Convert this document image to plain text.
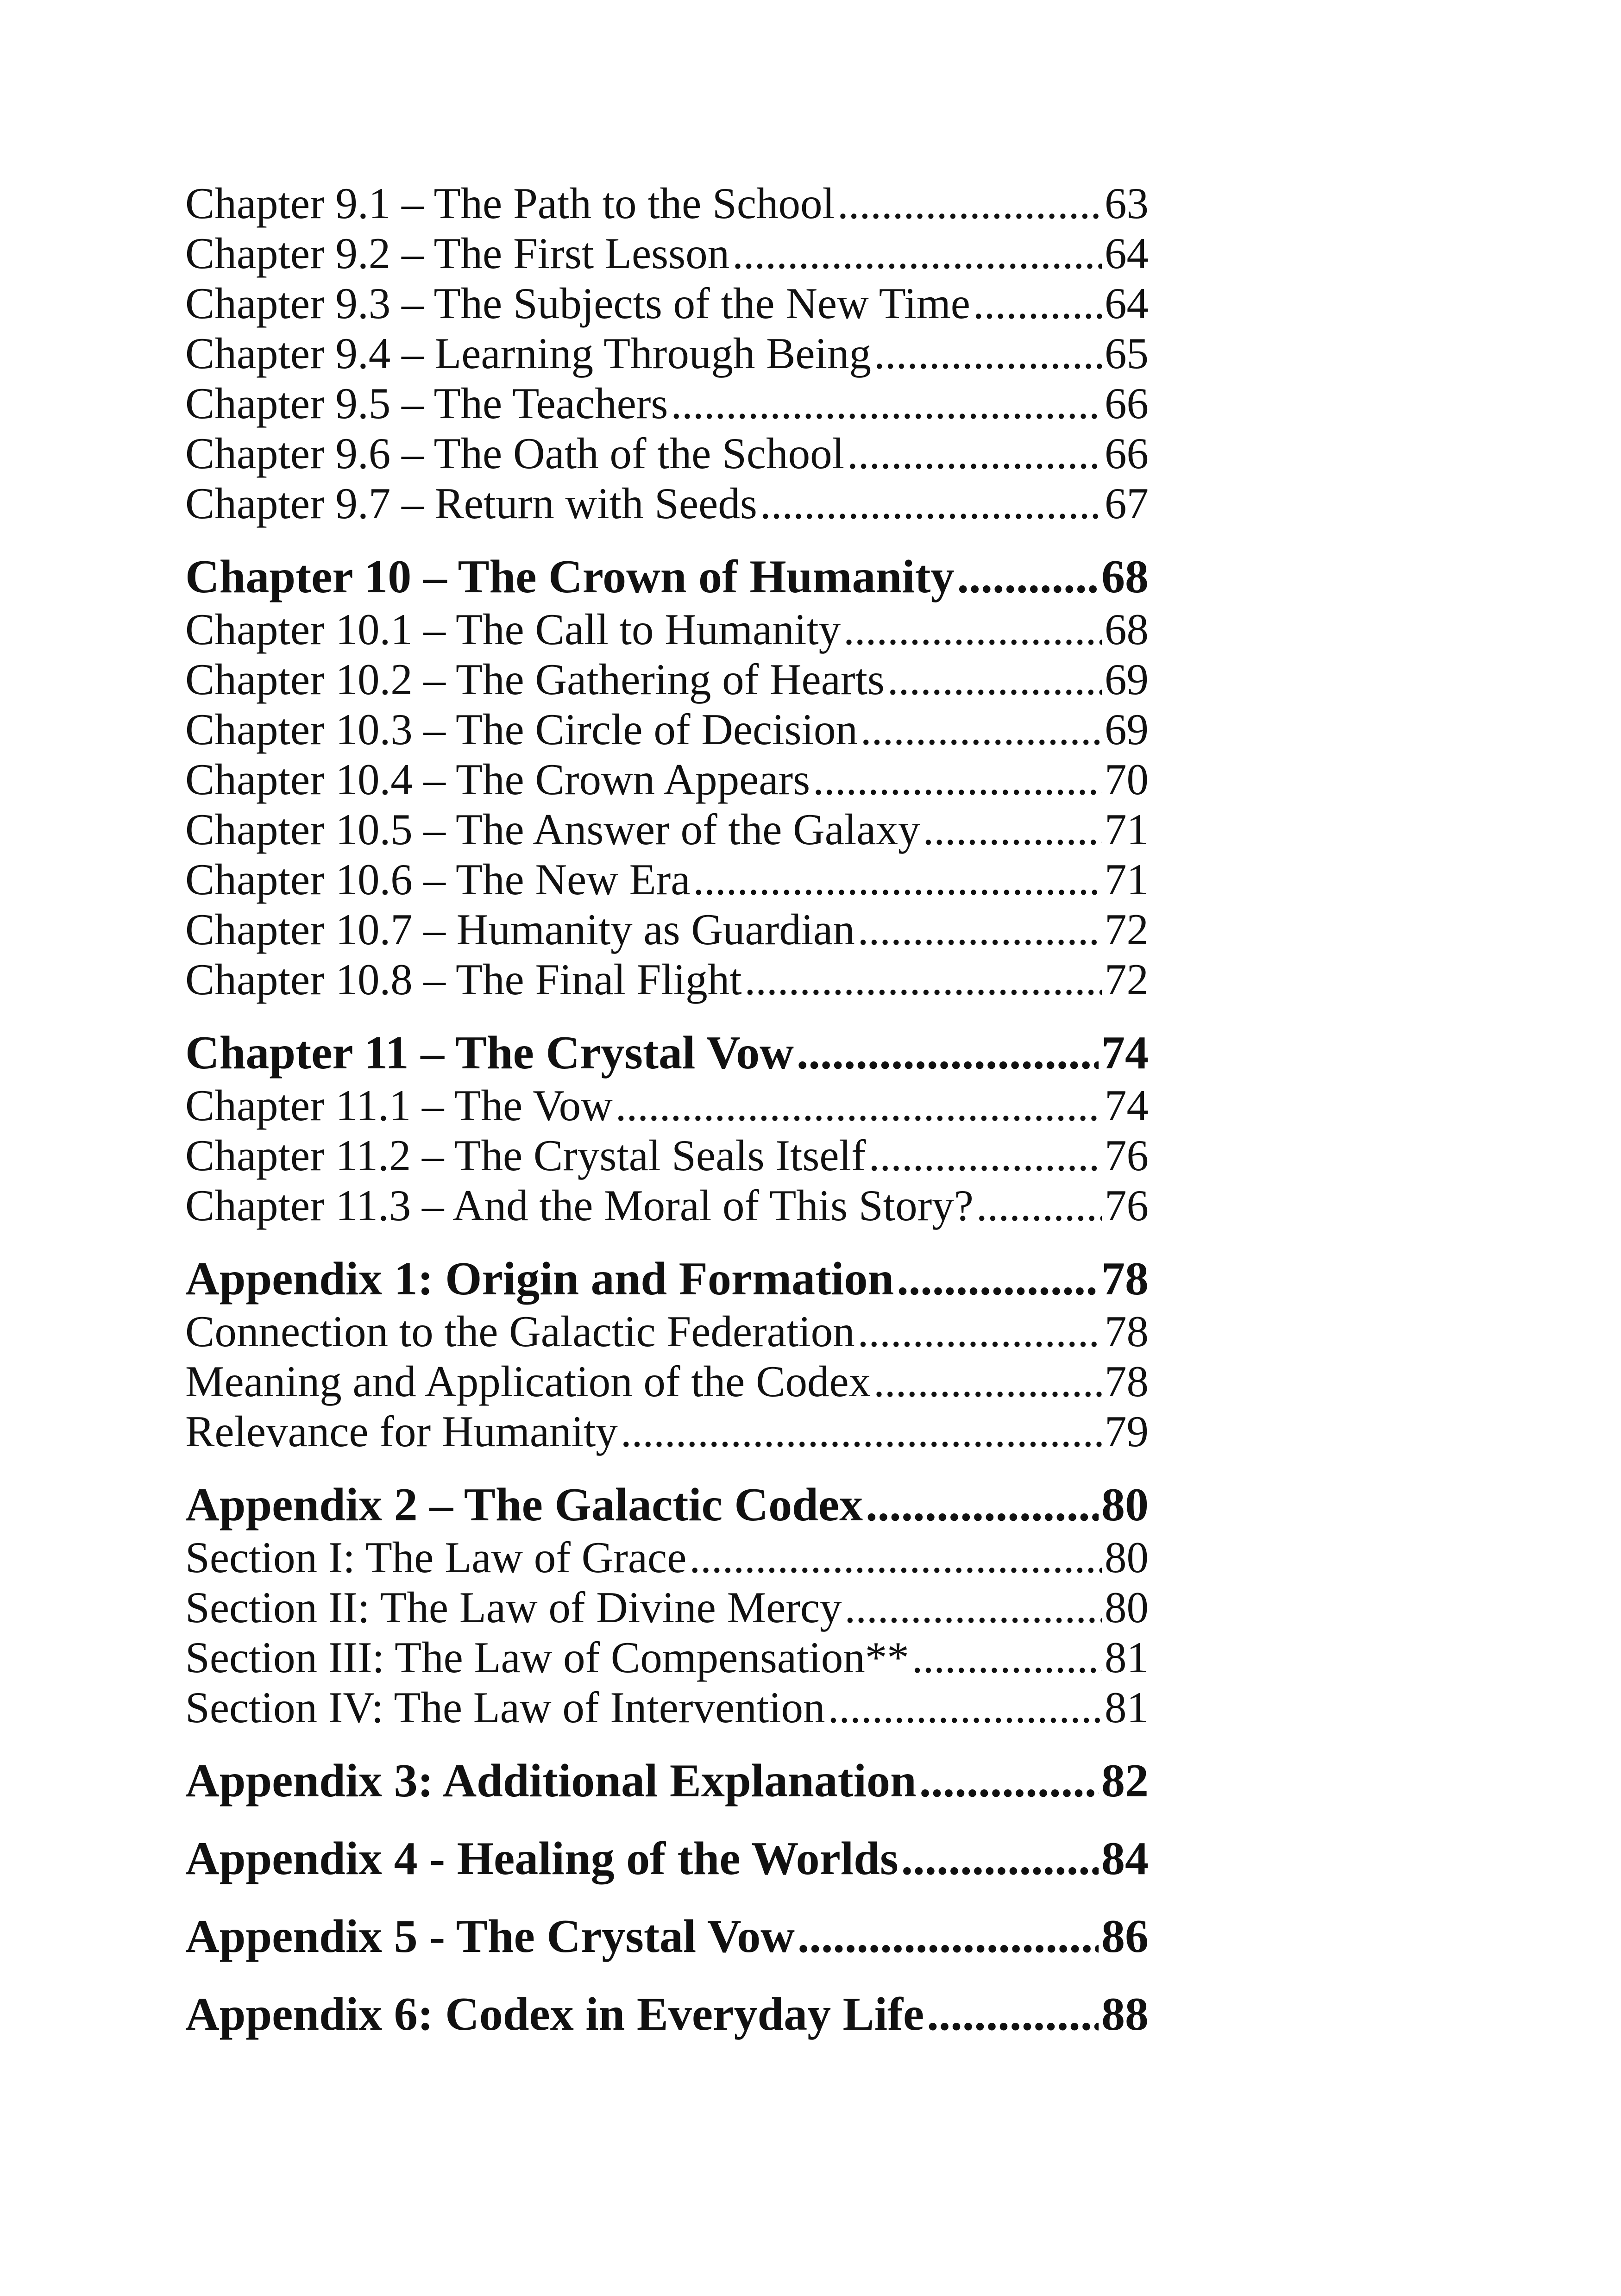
Chapter 9.1 – The Path to the School .....	63
Chapter 9.2 – The First Lesson .....	64
Chapter 9.3 – The Subjects of the New Time .....	64
Chapter 9.4 – Learning Through Being .....	65
Chapter 9.5 – The Teachers .....	66
Chapter 9.6 – The Oath of the School .....	66
Chapter 9.7 – Return with Seeds .....	67
Chapter 10 – The Crown of Humanity .....	68
Chapter 10.1 – The Call to Humanity .....	68
Chapter 10.2 – The Gathering of Hearts .....	69
Chapter 10.3 – The Circle of Decision .....	69
Chapter 10.4 – The Crown Appears .....	70
Chapter 10.5 – The Answer of the Galaxy .....	71
Chapter 10.6 – The New Era .....	71
Chapter 10.7 – Humanity as Guardian .....	72
Chapter 10.8 – The Final Flight .....	72
Chapter 11 – The Crystal Vow .....	74
Chapter 11.1 – The Vow .....	74
Chapter 11.2 – The Crystal Seals Itself .....	76
Chapter 11.3 – And the Moral of This Story? .....	76
Appendix 1: Origin and Formation .....	78
Connection to the Galactic Federation .....	78
Meaning and Application of the Codex .....	78
Relevance for Humanity .....	79
Appendix 2 – The Galactic Codex .....	80
Section I: The Law of Grace .....	80
Section II: The Law of Divine Mercy .....	80
Section III: The Law of Compensation** .....	81
Section IV: The Law of Intervention .....	81
Appendix 3: Additional Explanation .....	82
Appendix 4 - Healing of the Worlds .....	84
Appendix 5 - The Crystal Vow .....	86
Appendix 6: Codex in Everyday Life .....	88
